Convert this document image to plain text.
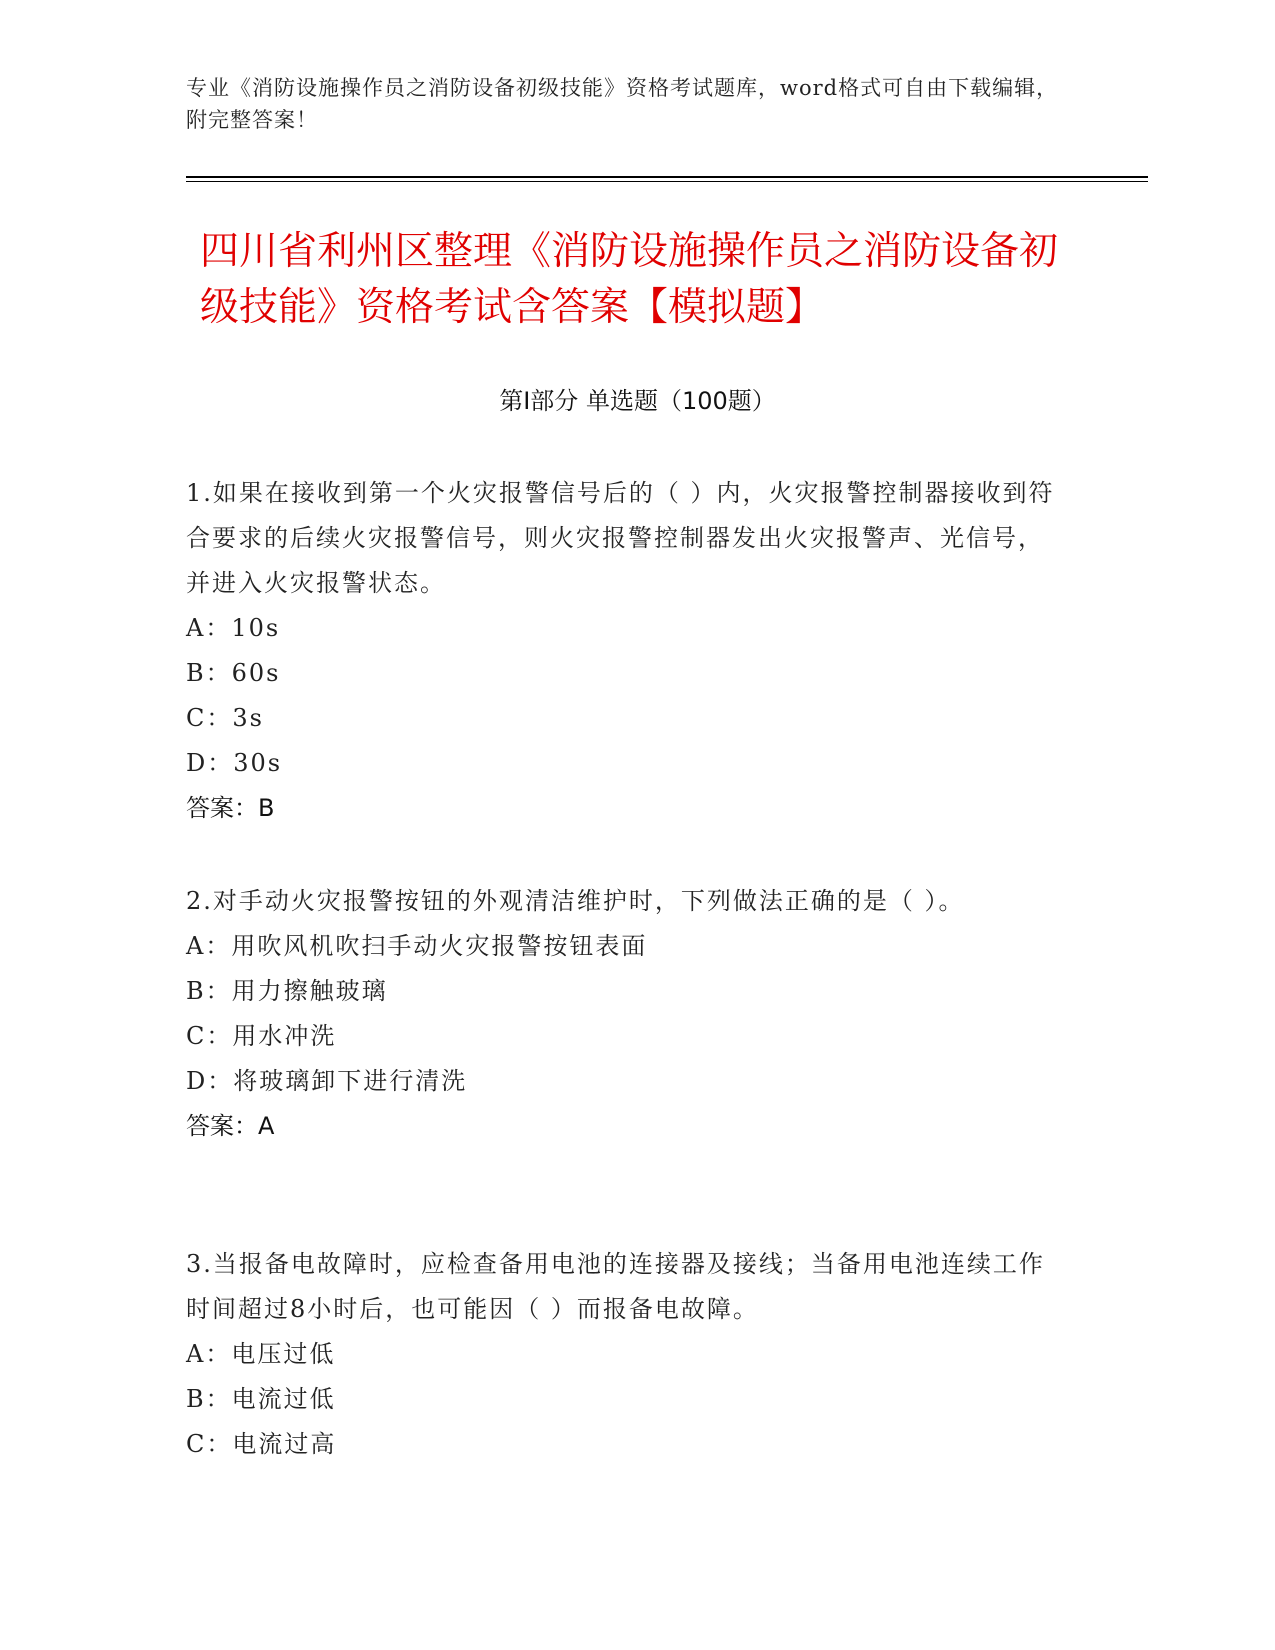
专业《消防设施操作员之消防设备初级技能》资格考试题库，word格式可自由下载编辑，附完整答案！
四川省利州区整理《消防设施操作员之消防设备初级技能》资格考试含答案【模拟题】
第I部分 单选题（100题）
1.如果在接收到第一个火灾报警信号后的（ ）内，火灾报警控制器接收到符合要求的后续火灾报警信号，则火灾报警控制器发出火灾报警声、光信号，并进入火灾报警状态。
A：10s
B：60s
C：3s
D：30s
答案：B
2.对手动火灾报警按钮的外观清洁维护时，下列做法正确的是（ ）。
A：用吹风机吹扫手动火灾报警按钮表面
B：用力擦触玻璃
C：用水冲洗
D：将玻璃卸下进行清洗
答案：A
3.当报备电故障时，应检查备用电池的连接器及接线；当备用电池连续工作时间超过8小时后，也可能因（ ）而报备电故障。
A：电压过低
B：电流过低
C：电流过高
